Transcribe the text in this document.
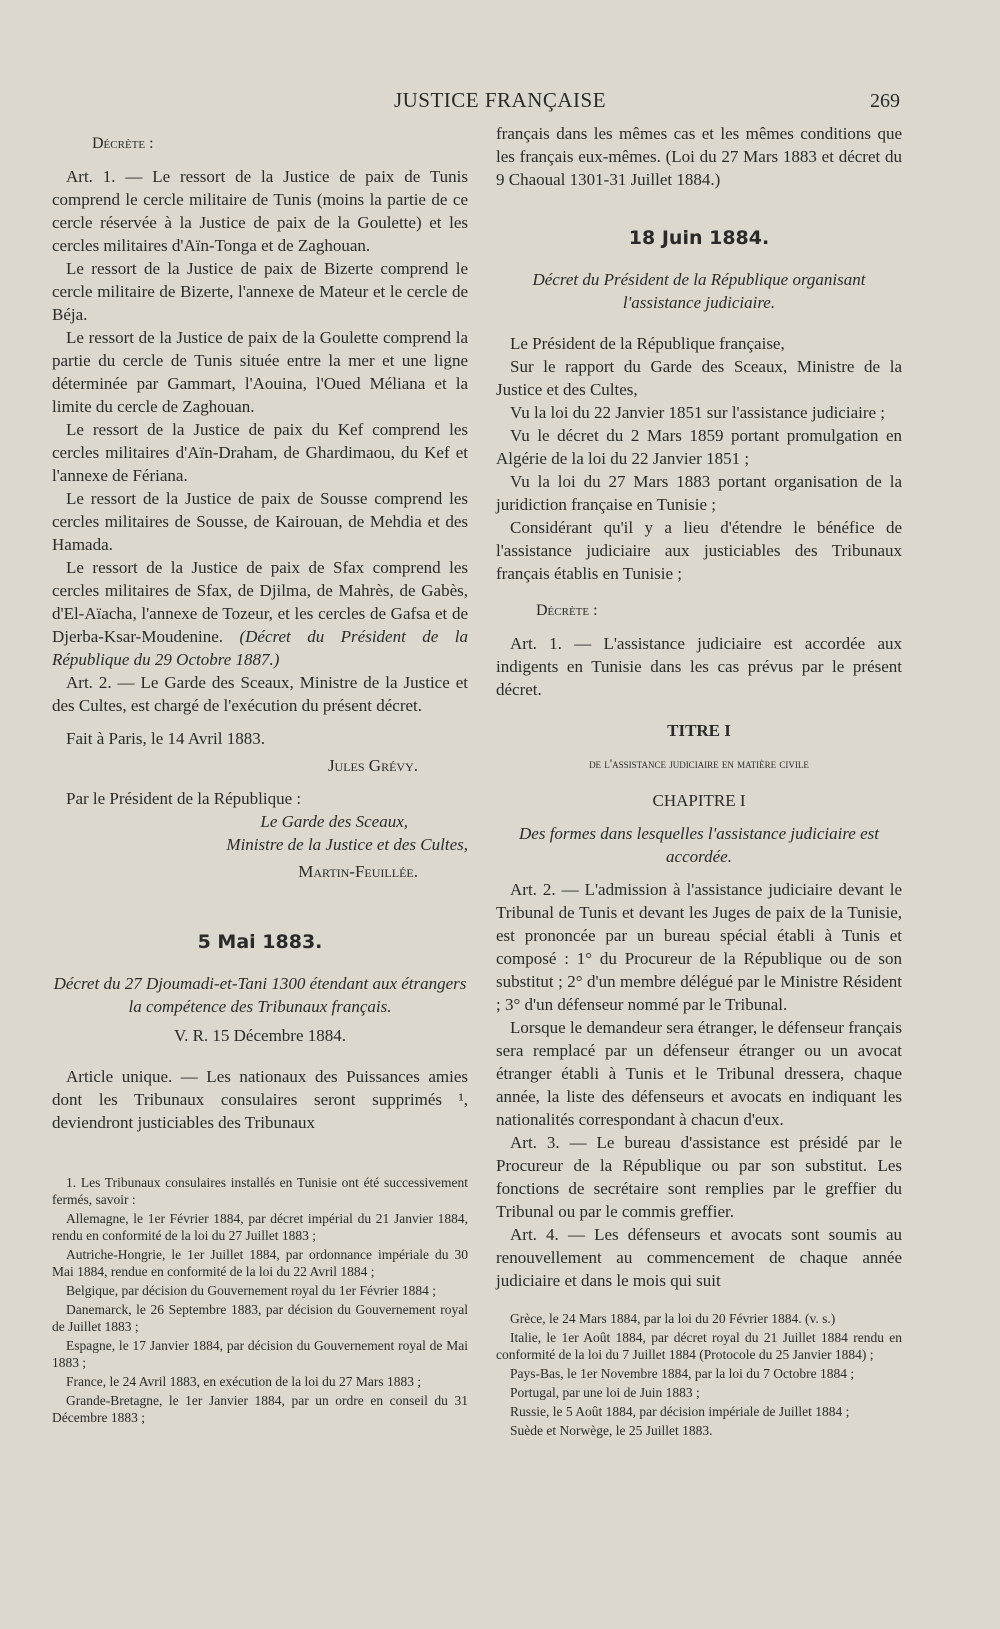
JUSTICE FRANÇAISE	269
Décrète :

Art. 1. — Le ressort de la Justice de paix de Tunis comprend le cercle militaire de Tunis (moins la partie de ce cercle réservée à la Justice de paix de la Goulette) et les cercles militaires d'Aïn-Tonga et de Zaghouan.

Le ressort de la Justice de paix de Bizerte comprend le cercle militaire de Bizerte, l'annexe de Mateur et le cercle de Béja.

Le ressort de la Justice de paix de la Goulette comprend la partie du cercle de Tunis située entre la mer et une ligne déterminée par Gammart, l'Aouina, l'Oued Méliana et la limite du cercle de Zaghouan.

Le ressort de la Justice de paix du Kef comprend les cercles militaires d'Aïn-Draham, de Ghardimaou, du Kef et l'annexe de Fériana.

Le ressort de la Justice de paix de Sousse comprend les cercles militaires de Sousse, de Kairouan, de Mehdia et des Hamada.

Le ressort de la Justice de paix de Sfax comprend les cercles militaires de Sfax, de Djilma, de Mahrès, de Gabès, d'El-Aïacha, l'annexe de Tozeur, et les cercles de Gafsa et de Djerba-Ksar-Moudenine. (Décret du Président de la République du 29 Octobre 1887.)

Art. 2. — Le Garde des Sceaux, Ministre de la Justice et des Cultes, est chargé de l'exécution du présent décret.

Fait à Paris, le 14 Avril 1883.

Jules Grévy.

Par le Président de la République :

Le Garde des Sceaux,
Ministre de la Justice et des Cultes,
Martin-Feuillée.
5 Mai 1883.

Décret du 27 Djoumadi-et-Tani 1300 étendant aux étrangers la compétence des Tribunaux français.

V. R. 15 Décembre 1884.

Article unique. — Les nationaux des Puissances amies dont les Tribunaux consulaires seront supprimés ¹, deviendront justiciables des Tribunaux

1. Les Tribunaux consulaires installés en Tunisie ont été successivement fermés, savoir :

Allemagne, le 1er Février 1884, par décret impérial du 21 Janvier 1884, rendu en conformité de la loi du 27 Juillet 1883 ;

Autriche-Hongrie, le 1er Juillet 1884, par ordonnance impériale du 30 Mai 1884, rendue en conformité de la loi du 22 Avril 1884 ;

Belgique, par décision du Gouvernement royal du 1er Février 1884 ;

Danemarck, le 26 Septembre 1883, par décision du Gouvernement royal de Juillet 1883 ;

Espagne, le 17 Janvier 1884, par décision du Gouvernement royal de Mai 1883 ;

France, le 24 Avril 1883, en exécution de la loi du 27 Mars 1883 ;

Grande-Bretagne, le 1er Janvier 1884, par un ordre en conseil du 31 Décembre 1883 ;

français dans les mêmes cas et les mêmes conditions que les français eux-mêmes. (Loi du 27 Mars 1883 et décret du 9 Chaoual 1301-31 Juillet 1884.)

18 Juin 1884.

Décret du Président de la République organisant l'assistance judiciaire.

Le Président de la République française,

Sur le rapport du Garde des Sceaux, Ministre de la Justice et des Cultes,

Vu la loi du 22 Janvier 1851 sur l'assistance judiciaire ;

Vu le décret du 2 Mars 1859 portant promulgation en Algérie de la loi du 22 Janvier 1851 ;

Vu la loi du 27 Mars 1883 portant organisation de la juridiction française en Tunisie ;

Considérant qu'il y a lieu d'étendre le bénéfice de l'assistance judiciaire aux justiciables des Tribunaux français établis en Tunisie ;

Décrète :

Art. 1. — L'assistance judiciaire est accordée aux indigents en Tunisie dans les cas prévus par le présent décret.

TITRE I
de l'assistance judiciaire en matière civile
CHAPITRE I

Des formes dans lesquelles l'assistance judiciaire est accordée.

Art. 2. — L'admission à l'assistance judiciaire devant le Tribunal de Tunis et devant les Juges de paix de la Tunisie, est prononcée par un bureau spécial établi à Tunis et composé : 1° du Procureur de la République ou de son substitut ; 2° d'un membre délégué par le Ministre Résident ; 3° d'un défenseur nommé par le Tribunal.

Lorsque le demandeur sera étranger, le défenseur français sera remplacé par un défenseur étranger ou un avocat étranger établi à Tunis et le Tribunal dressera, chaque année, la liste des défenseurs et avocats en indiquant les nationalités correspondant à chacun d'eux.

Art. 3. — Le bureau d'assistance est présidé par le Procureur de la République ou par son substitut. Les fonctions de secrétaire sont remplies par le greffier du Tribunal ou par le commis greffier.

Art. 4. — Les défenseurs et avocats sont soumis au renouvellement au commencement de chaque année judiciaire et dans le mois qui suit

Grèce, le 24 Mars 1884, par la loi du 20 Février 1884. (v. s.)

Italie, le 1er Août 1884, par décret royal du 21 Juillet 1884 rendu en conformité de la loi du 7 Juillet 1884 (Protocole du 25 Janvier 1884) ;

Pays-Bas, le 1er Novembre 1884, par la loi du 7 Octobre 1884 ;

Portugal, par une loi de Juin 1883 ;

Russie, le 5 Août 1884, par décision impériale de Juillet 1884 ;

Suède et Norwège, le 25 Juillet 1883.
